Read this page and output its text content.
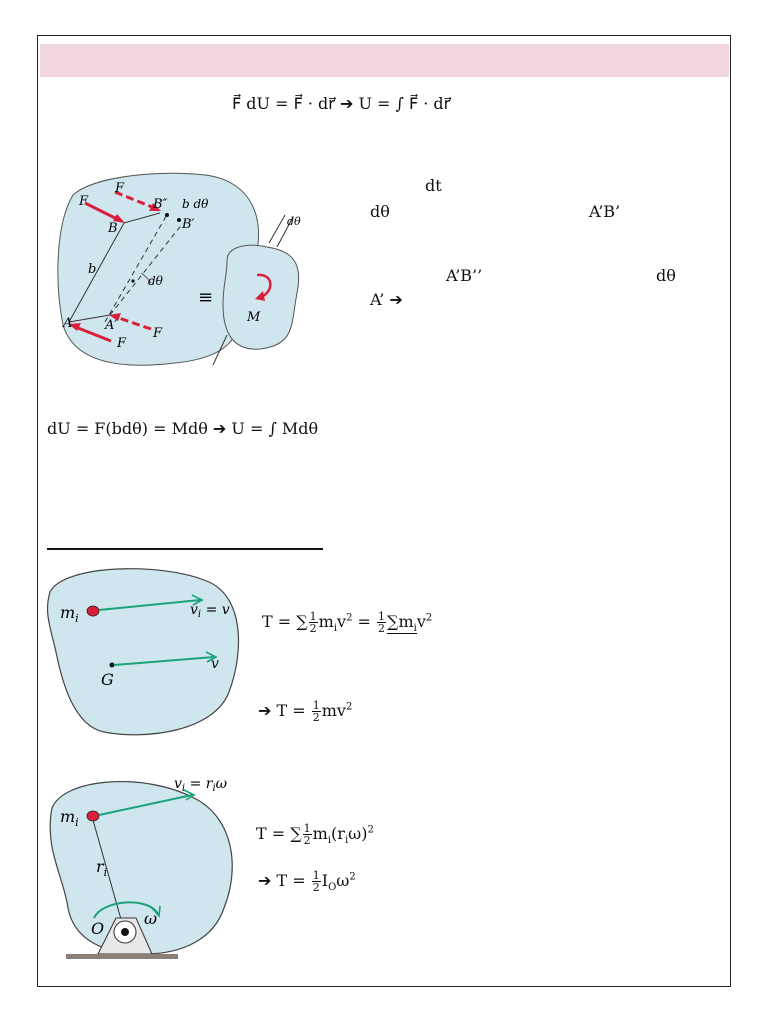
F⃗ dU = F⃗ · dr⃗ ➔ U = ∫ F⃗ · dr⃗
F
F
B
B″ b dθ
B′
b
dθ
A	A′
F
F
≡
dθ
M
dt
dθ	A’B’
A’B’’	dθ
A’ ➔
dU = F(bdθ) = Mdθ ➔ U = ∫ Mdθ
$m_i$
$v_i = v$
v
G
T = ∑ $\frac{1}{2} m_iv^2 = \frac{1}{2} \sum m_iv^2$
➔ $T = \frac{1}{2} mv^2$
$v_i = r_i\omega$
$m_i$
$r_i$
ω
O
T = ∑ $\frac{1}{2} m_i(r_i\omega)^2$
➔ $T = \frac{1}{2} I_O\omega^2$
